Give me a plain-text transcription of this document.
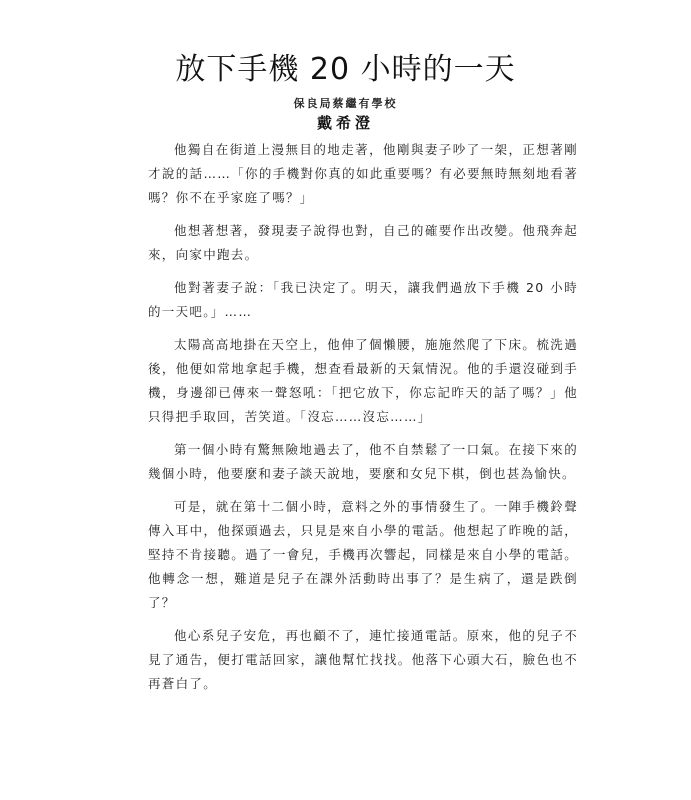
放下手機 20 小時的一天
保良局蔡繼有學校
戴希澄

他獨自在街道上漫無目的地走著，他剛與妻子吵了一架，正想著剛才說的話……「你的手機對你真的如此重要嗎？有必要無時無刻地看著嗎？你不在乎家庭了嗎？」

他想著想著，發現妻子說得也對，自己的確要作出改變。他飛奔起來，向家中跑去。

他對著妻子說：「我已決定了。明天，讓我們過放下手機 20 小時的一天吧。」……

太陽高高地掛在天空上，他伸了個懶腰，施施然爬了下床。梳洗過後，他便如常地拿起手機，想查看最新的天氣情況。他的手還沒碰到手機，身邊卻已傳來一聲怒吼：「把它放下，你忘記昨天的話了嗎？」他只得把手取回，苦笑道。「沒忘……沒忘……」

第一個小時有驚無險地過去了，他不自禁鬆了一口氣。在接下來的幾個小時，他要麼和妻子談天說地，要麼和女兒下棋，倒也甚為愉快。

可是，就在第十二個小時，意料之外的事情發生了。一陣手機鈴聲傳入耳中，他探頭過去，只見是來自小學的電話。他想起了昨晚的話，堅持不肯接聽。過了一會兒，手機再次響起，同樣是來自小學的電話。他轉念一想，難道是兒子在課外活動時出事了？是生病了，還是跌倒了？

他心系兒子安危，再也顧不了，連忙接通電話。原來，他的兒子不見了通告，便打電話回家，讓他幫忙找找。他落下心頭大石，臉色也不再蒼白了。
